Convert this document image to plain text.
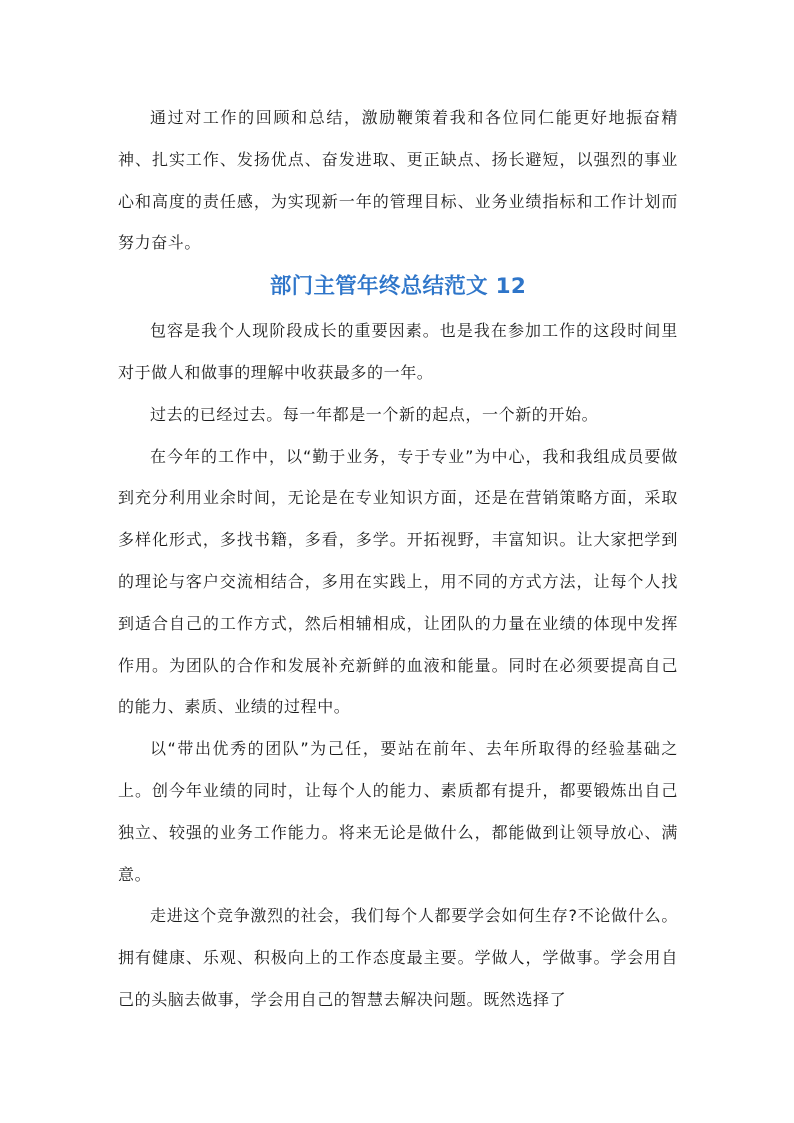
通过对工作的回顾和总结，激励鞭策着我和各位同仁能更好地振奋精神、扎实工作、发扬优点、奋发进取、更正缺点、扬长避短，以强烈的事业心和高度的责任感，为实现新一年的管理目标、业务业绩指标和工作计划而努力奋斗。

部门主管年终总结范文 12

包容是我个人现阶段成长的重要因素。也是我在参加工作的这段时间里对于做人和做事的理解中收获最多的一年。

过去的已经过去。每一年都是一个新的起点，一个新的开始。

在今年的工作中，以“勤于业务，专于专业”为中心，我和我组成员要做到充分利用业余时间，无论是在专业知识方面，还是在营销策略方面，采取多样化形式，多找书籍，多看，多学。开拓视野，丰富知识。让大家把学到的理论与客户交流相结合，多用在实践上，用不同的方式方法，让每个人找到适合自己的工作方式，然后相辅相成，让团队的力量在业绩的体现中发挥作用。为团队的合作和发展补充新鲜的血液和能量。同时在必须要提高自己的能力、素质、业绩的过程中。

以“带出优秀的团队”为己任，要站在前年、去年所取得的经验基础之上。创今年业绩的同时，让每个人的能力、素质都有提升，都要锻炼出自己独立、较强的业务工作能力。将来无论是做什么，都能做到让领导放心、满意。

走进这个竞争激烈的社会，我们每个人都要学会如何生存?不论做什么。拥有健康、乐观、积极向上的工作态度最主要。学做人，学做事。学会用自己的头脑去做事，学会用自己的智慧去解决问题。既然选择了
